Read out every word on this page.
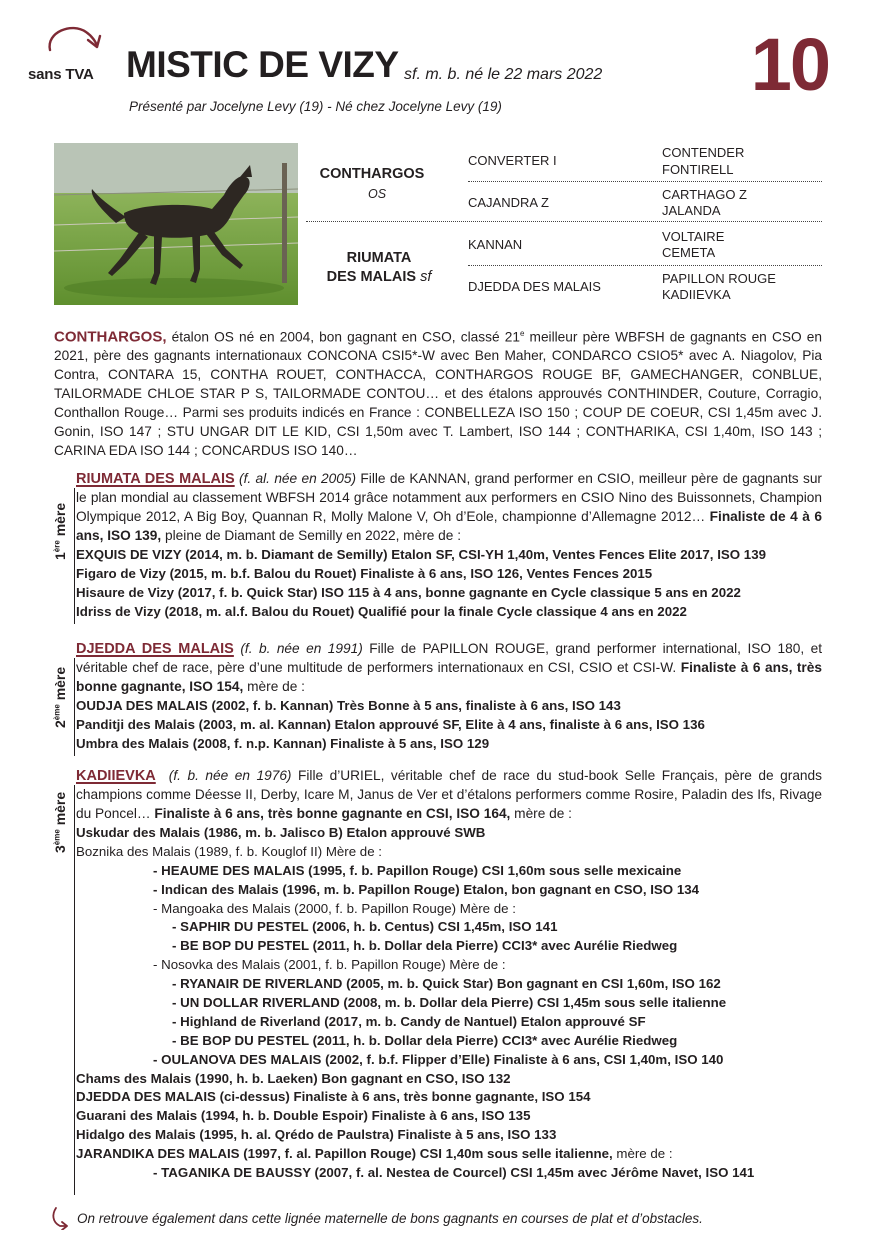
sans TVA MISTIC DE VIZY sf. m. b. né le 22 mars 2022 10
Présenté par Jocelyne Levy (19) - Né chez Jocelyne Levy (19)
CONTHARGOS
OS
RIUMATA
DES MALAIS sf
CONVERTER I
CAJANDRA Z
KANNAN
DJEDDA DES MALAIS
CONTENDER
FONTIRELL
CARTHAGO Z
JALANDA
VOLTAIRE
CEMETA
PAPILLON ROUGE
KADIIEVKA
CONTHARGOS, étalon OS né en 2004, bon gagnant en CSO, classé 21e meilleur père WBFSH de gagnants en CSO en 2021, père des gagnants internationaux CONCONA CSI5*-W avec Ben Maher, CONDARCO CSIO5* avec A. Niagolov, Pia Contra, CONTARA 15, CONTHA ROUET, CONTHACCA, CONTHARGOS ROUGE BF, GAMECHANGER, CONBLUE, TAILORMADE CHLOE STAR P S, TAILORMADE CONTOU… et des étalons approuvés CONTHINDER, Couture, Corragio, Conthallon Rouge… Parmi ses produits indicés en France : CONBELLEZA ISO 150 ; COUP DE COEUR, CSI 1,45m avec J. Gonin, ISO 147 ; STU UNGAR DIT LE KID, CSI 1,50m avec T. Lambert, ISO 144 ; CONTHARIKA, CSI 1,40m, ISO 143 ; CARINA EDA ISO 144 ; CONCARDUS ISO 140…
1ère mère
RIUMATA DES MALAIS (f. al. née en 2005) Fille de KANNAN, grand performer en CSIO, meilleur père de gagnants sur le plan mondial au classement WBFSH 2014 grâce notamment aux performers en CSIO Nino des Buissonnets, Champion Olympique 2012, A Big Boy, Quannan R, Molly Malone V, Oh d’Eole, championne d’Allemagne 2012… Finaliste de 4 à 6 ans, ISO 139, pleine de Diamant de Semilly en 2022, mère de :
EXQUIS DE VIZY (2014, m. b. Diamant de Semilly) Etalon SF, CSI-YH 1,40m, Ventes Fences Elite 2017, ISO 139
Figaro de Vizy (2015, m. b.f. Balou du Rouet) Finaliste à 6 ans, ISO 126, Ventes Fences 2015
Hisaure de Vizy (2017, f. b. Quick Star) ISO 115 à 4 ans, bonne gagnante en Cycle classique 5 ans en 2022
Idriss de Vizy (2018, m. al.f. Balou du Rouet) Qualifié pour la finale Cycle classique 4 ans en 2022
2ème mère
DJEDDA DES MALAIS (f. b. née en 1991) Fille de PAPILLON ROUGE, grand performer international, ISO 180, et véritable chef de race, père d’une multitude de performers internationaux en CSI, CSIO et CSI-W. Finaliste à 6 ans, très bonne gagnante, ISO 154, mère de :
OUDJA DES MALAIS (2002, f. b. Kannan) Très Bonne à 5 ans, finaliste à 6 ans, ISO 143
Panditji des Malais (2003, m. al. Kannan) Etalon approuvé SF, Elite à 4 ans, finaliste à 6 ans, ISO 136
Umbra des Malais (2008, f. n.p. Kannan) Finaliste à 5 ans, ISO 129
3ème mère
KADIIEVKA (f. b. née en 1976) Fille d’URIEL, véritable chef de race du stud-book Selle Français, père de grands champions comme Déesse II, Derby, Icare M, Janus de Ver et d’étalons performers comme Rosire, Paladin des Ifs, Rivage du Poncel… Finaliste à 6 ans, très bonne gagnante en CSI, ISO 164, mère de :
Uskudar des Malais (1986, m. b. Jalisco B) Etalon approuvé SWB
Boznika des Malais (1989, f. b. Kouglof II) Mère de :
- HEAUME DES MALAIS (1995, f. b. Papillon Rouge) CSI 1,60m sous selle mexicaine
- Indican des Malais (1996, m. b. Papillon Rouge) Etalon, bon gagnant en CSO, ISO 134
- Mangoaka des Malais (2000, f. b. Papillon Rouge) Mère de :
- SAPHIR DU PESTEL (2006, h. b. Centus) CSI 1,45m, ISO 141
- BE BOP DU PESTEL (2011, h. b. Dollar dela Pierre) CCI3* avec Aurélie Riedweg
- Nosovka des Malais (2001, f. b. Papillon Rouge) Mère de :
- RYANAIR DE RIVERLAND (2005, m. b. Quick Star) Bon gagnant en CSI 1,60m, ISO 162
- UN DOLLAR RIVERLAND (2008, m. b. Dollar dela Pierre) CSI 1,45m sous selle italienne
- Highland de Riverland (2017, m. b. Candy de Nantuel) Etalon approuvé SF
- BE BOP DU PESTEL (2011, h. b. Dollar dela Pierre) CCI3* avec Aurélie Riedweg
- OULANOVA DES MALAIS (2002, f. b.f. Flipper d’Elle) Finaliste à 6 ans, CSI 1,40m, ISO 140
Chams des Malais (1990, h. b. Laeken) Bon gagnant en CSO, ISO 132
DJEDDA DES MALAIS (ci-dessus) Finaliste à 6 ans, très bonne gagnante, ISO 154
Guarani des Malais (1994, h. b. Double Espoir) Finaliste à 6 ans, ISO 135
Hidalgo des Malais (1995, h. al. Qrédo de Paulstra) Finaliste à 5 ans, ISO 133
JARANDIKA DES MALAIS (1997, f. al. Papillon Rouge) CSI 1,40m sous selle italienne, mère de :
- TAGANIKA DE BAUSSY (2007, f. al. Nestea de Courcel) CSI 1,45m avec Jérôme Navet, ISO 141
On retrouve également dans cette lignée maternelle de bons gagnants en courses de plat et d’obstacles.
